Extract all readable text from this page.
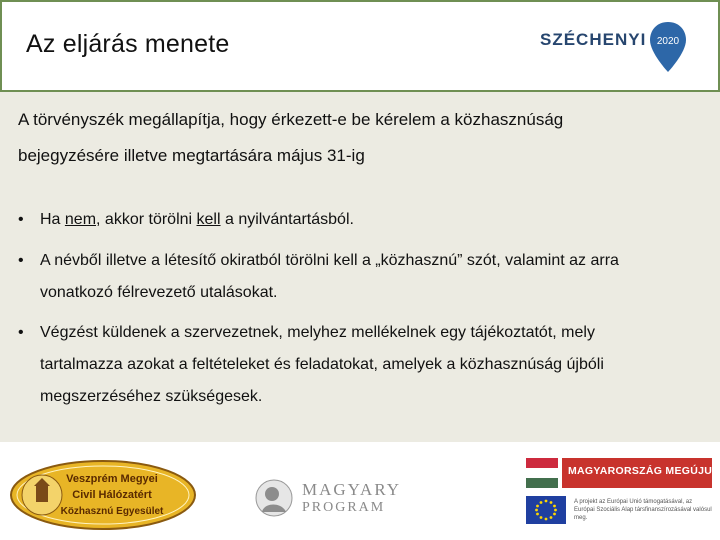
Az eljárás menete	SZÉCHENYI 2020
A törvényszék megállapítja, hogy érkezett-e be kérelem a közhasznúság
bejegyzésére illetve megtartására május 31-ig
• Ha nem, akkor törölni kell a nyilvántartásból.
• A névből illetve a létesítő okiratból törölni kell a „közhasznú” szót, valamint az arra
vonatkozó félrevezető utalásokat.
• Végzést küldenek a szervezetnek, melyhez mellékelnek egy tájékoztatót, mely
tartalmazza azokat a feltételeket és feladatokat, amelyek a közhasznúság újbóli
megszerzéséhez szükségesek.
Veszprém Megyei
Civil Hálózatért
Közhasznú Egyesület
MAGYARY
PROGRAM
MAGYARORSZÁG MEGÚJUL
A projekt az Európai Unió támogatásával, az Európai Szociális Alap társfinanszírozásával valósul meg.
